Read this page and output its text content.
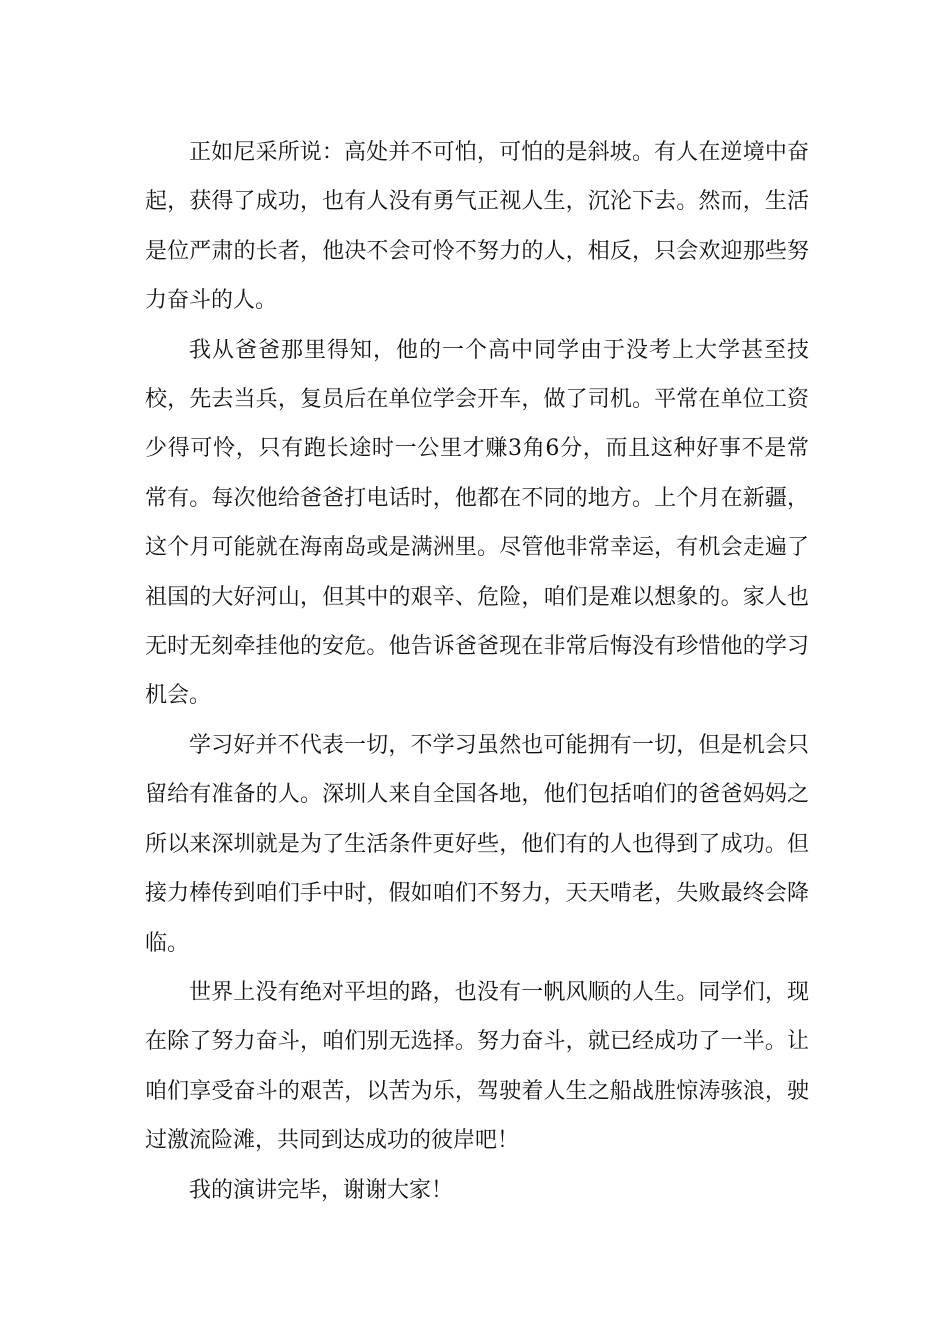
正如尼采所说：高处并不可怕，可怕的是斜坡。有人在逆境中奋起，获得了成功，也有人没有勇气正视人生，沉沦下去。然而，生活是位严肃的长者，他决不会可怜不努力的人，相反，只会欢迎那些努力奋斗的人。

我从爸爸那里得知，他的一个高中同学由于没考上大学甚至技校，先去当兵，复员后在单位学会开车，做了司机。平常在单位工资少得可怜，只有跑长途时一公里才赚3角6分，而且这种好事不是常常有。每次他给爸爸打电话时，他都在不同的地方。上个月在新疆，这个月可能就在海南岛或是满洲里。尽管他非常幸运，有机会走遍了祖国的大好河山，但其中的艰辛、危险，咱们是难以想象的。家人也无时无刻牵挂他的安危。他告诉爸爸现在非常后悔没有珍惜他的学习机会。

学习好并不代表一切，不学习虽然也可能拥有一切，但是机会只留给有准备的人。深圳人来自全国各地，他们包括咱们的爸爸妈妈之所以来深圳就是为了生活条件更好些，他们有的人也得到了成功。但接力棒传到咱们手中时，假如咱们不努力，天天啃老，失败最终会降临。

世界上没有绝对平坦的路，也没有一帆风顺的人生。同学们，现在除了努力奋斗，咱们别无选择。努力奋斗，就已经成功了一半。让咱们享受奋斗的艰苦，以苦为乐，驾驶着人生之船战胜惊涛骇浪，驶过激流险滩，共同到达成功的彼岸吧！

我的演讲完毕，谢谢大家！
